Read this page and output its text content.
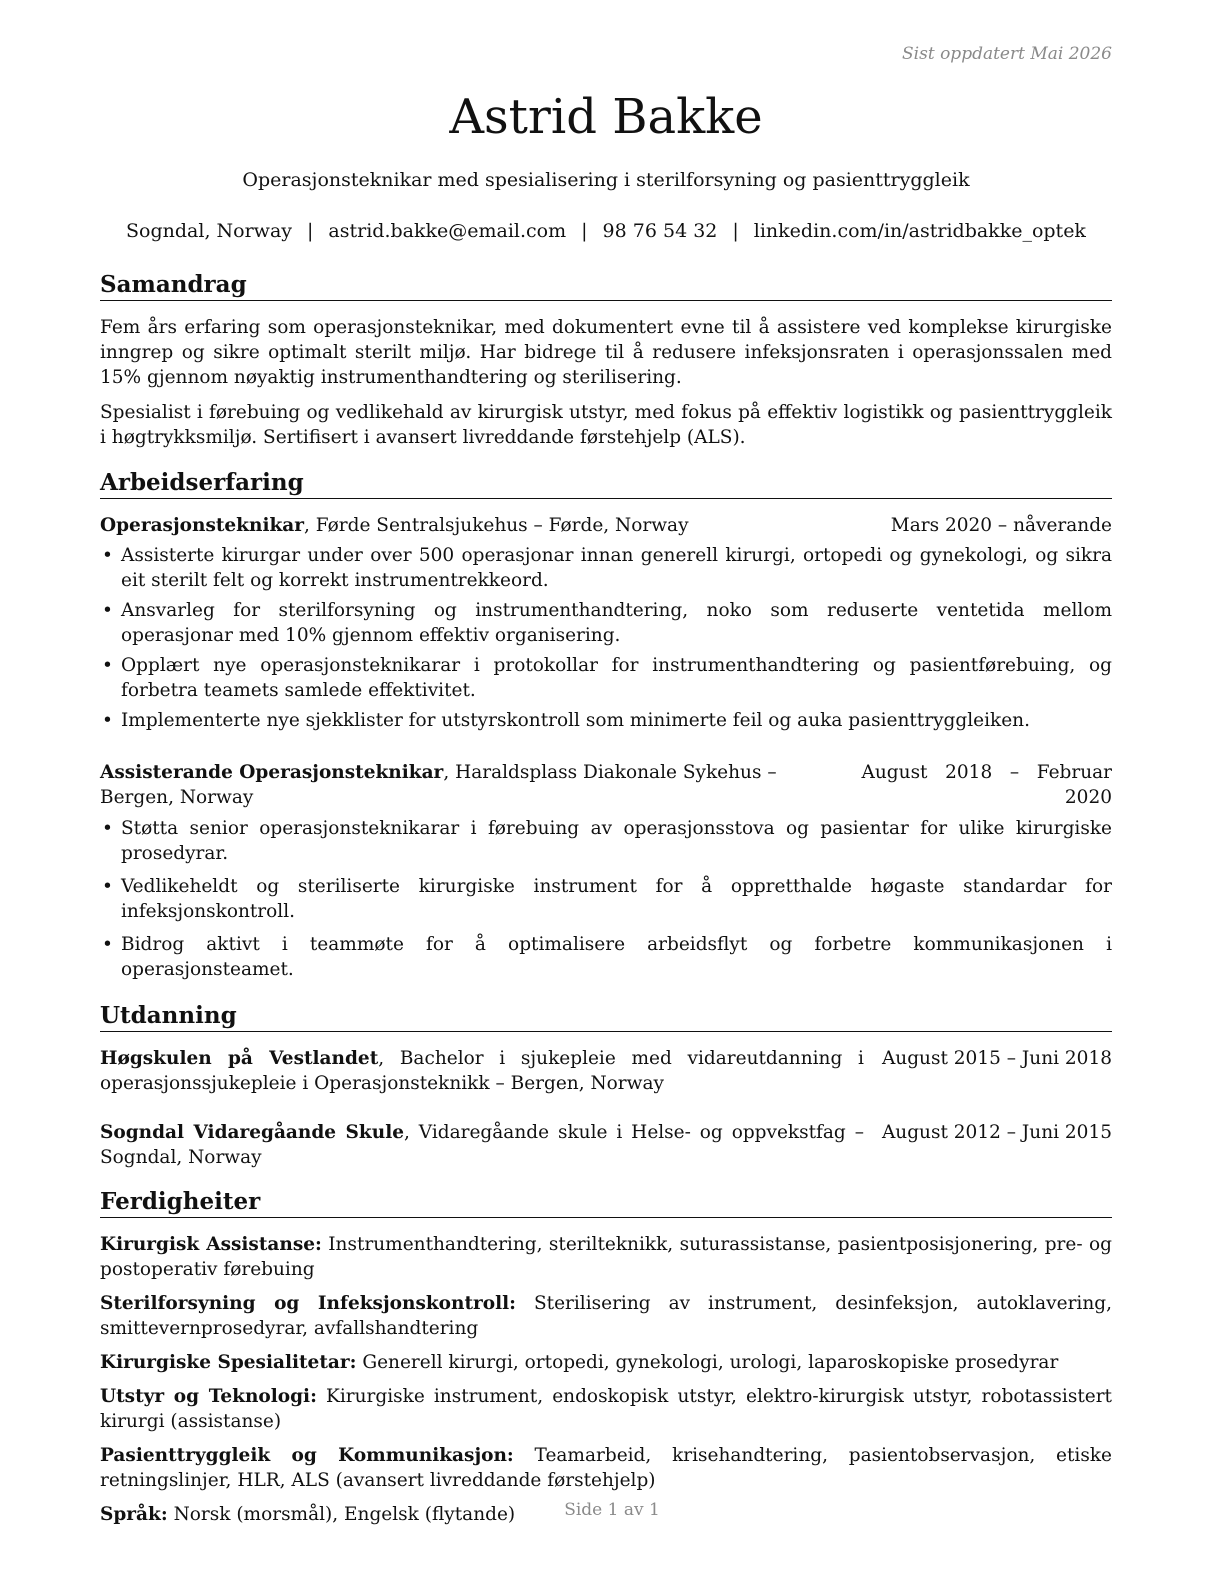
Sist oppdatert Mai 2026
Astrid Bakke
Operasjonsteknikar med spesialisering i sterilforsyning og pasienttryggleik
Sogndal, Norway | astrid.bakke@email.com | 98 76 54 32 | linkedin.com/in/astridbakke_optek
Samandrag

Fem års erfaring som operasjonsteknikar, med dokumentert evne til å assistere ved komplekse kirurgiske inngrep og sikre optimalt sterilt miljø. Har bidrege til å redusere infeksjonsraten i operasjonssalen med 15% gjennom nøyaktig instrumenthandtering og sterilisering.

Spesialist i førebuing og vedlikehald av kirurgisk utstyr, med fokus på effektiv logistikk og pasienttryggleik i høgtrykksmiljø. Sertifisert i avansert livreddande førstehjelp (ALS).

Arbeidserfaring
Operasjonsteknikar, Førde Sentralsjukehus – Førde, Norway	Mars 2020 – nåverande
• Assisterte kirurgar under over 500 operasjonar innan generell kirurgi, ortopedi og gynekologi, og sikra eit sterilt felt og korrekt instrumentrekkeord.
• Ansvarleg for sterilforsyning og instrumenthandtering, noko som reduserte ventetida mellom operasjonar med 10% gjennom effektiv organisering.
• Opplært nye operasjonsteknikarar i protokollar for instrumenthandtering og pasientførebuing, og forbetra teamets samlede effektivitet.
• Implementerte nye sjekklister for utstyrskontroll som minimerte feil og auka pasienttryggleiken.
Assisterande Operasjonsteknikar, Haraldsplass Diakonale Sykehus – Bergen, Norway
August   2018   –   Februar
2020
• Støtta senior operasjonsteknikarar i førebuing av operasjonsstova og pasientar for ulike kirurgiske prosedyrar.
• Vedlikeheldt og steriliserte kirurgiske instrument for å oppretthalde høgaste standardar for infeksjonskontroll.
• Bidrog aktivt i teammøte for å optimalisere arbeidsflyt og forbetre kommunikasjonen i operasjonsteamet.
Utdanning
Høgskulen på Vestlandet, Bachelor i sjukepleie med vidareutdanning i operasjonssjukepleie i Operasjonsteknikk – Bergen, Norway
August 2015 – Juni 2018
Sogndal Vidaregåande Skule, Vidaregåande skule i Helse- og oppvekstfag – Sogndal, Norway
August 2012 – Juni 2015
Ferdigheiter
Kirurgisk Assistanse: Instrumenthandtering, sterilteknikk, suturassistanse, pasientposisjonering, pre- og postoperativ førebuing
Sterilforsyning og Infeksjonskontroll: Sterilisering av instrument, desinfeksjon, autoklavering, smittevernprosedyrar, avfallshandtering
Kirurgiske Spesialitetar: Generell kirurgi, ortopedi, gynekologi, urologi, laparoskopiske prosedyrar
Utstyr og Teknologi: Kirurgiske instrument, endoskopisk utstyr, elektro-kirurgisk utstyr, robotassistert kirurgi (assistanse)
Pasienttryggleik og Kommunikasjon: Teamarbeid, krisehandtering, pasientobservasjon, etiske retningslinjer, HLR, ALS (avansert livreddande førstehjelp)
Språk: Norsk (morsmål), Engelsk (flytande)	Side 1 av 1
